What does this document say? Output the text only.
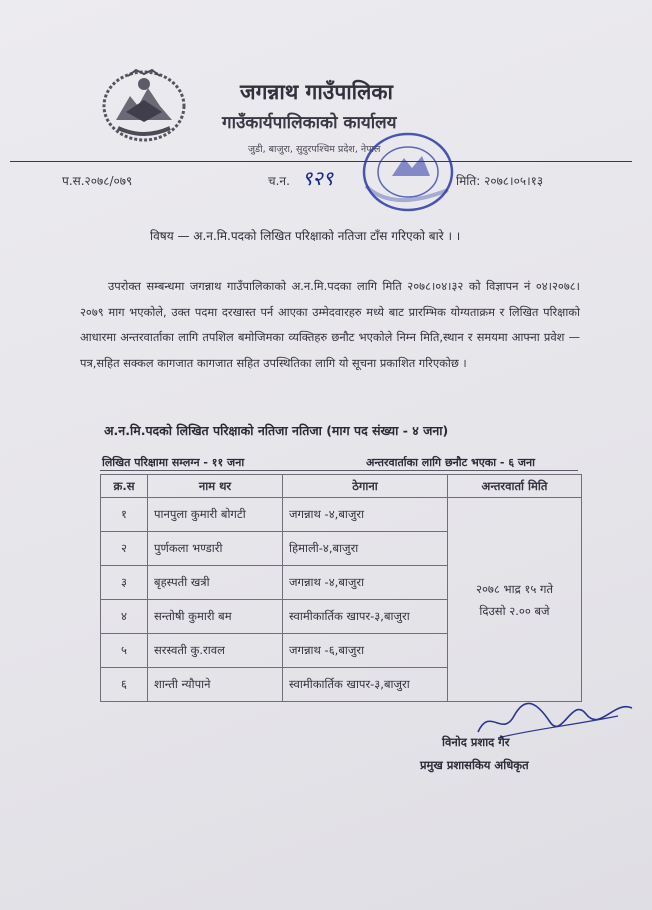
जगन्नाथ गाउँपालिका
गाउँकार्यपालिकाको कार्यालय
जुडी, बाजुरा, सुदुरपश्चिम प्रदेश, नेपाल
प.स.२०७८/०७९	च.न. ९२९	मिति: २०७८।०५।१३
विषय — अ.न.मि.पदको लिखित परिक्षाको नतिजा टाँस गरिएको बारे । ।
उपरोक्त सम्बन्धमा जगन्नाथ गाउँपालिकाको अ.न.मि.पदका लागि मिति २०७८।०४।३२ को विज्ञापन नं ०४।२०७८।२०७९ माग भएकोले, उक्त पदमा दरखास्त पर्न आएका उम्मेदवारहरु मध्ये बाट प्रारम्भिक योग्यताक्रम र लिखित परिक्षाको आधारमा अन्तरवार्ताका लागि तपशिल बमोजिमका व्यक्तिहरु छनौट भएकोले निम्न मिति,स्थान र समयमा आफ्ना प्रवेश —पत्र,सहित सक्कल कागजात कागजात सहित उपस्थितिका लागि यो सूचना प्रकाशित गरिएकोछ ।
अ.न.मि.पदको लिखित परिक्षाको नतिजा नतिजा (माग पद संख्या - ४ जना)
लिखित परिक्षामा सम्लग्न - ११ जना	अन्तरवार्ताका लागि छनौट भएका - ६ जना
क्र.स	नाम थर	ठेगाना	अन्तरवार्ता मिति
१	पानपुला कुमारी बोगटी	जगन्नाथ -४,बाजुरा	२०७८ भाद्र १५ गते
दिउसो २.०० बजे

२	पुर्णकला भण्डारी	हिमाली-४,बाजुरा	
३	बृहस्पती खत्री	जगन्नाथ -४,बाजुरा	
४	सन्तोषी कुमारी बम	स्वामीकार्तिक खापर-३,बाजुरा	
५	सरस्वती कु.रावल	जगन्नाथ -६,बाजुरा	
६	शान्ती न्यौपाने	स्वामीकार्तिक खापर-३,बाजुरा	
विनोद प्रशाद गैर
प्रमुख प्रशासकिय अधिकृत
